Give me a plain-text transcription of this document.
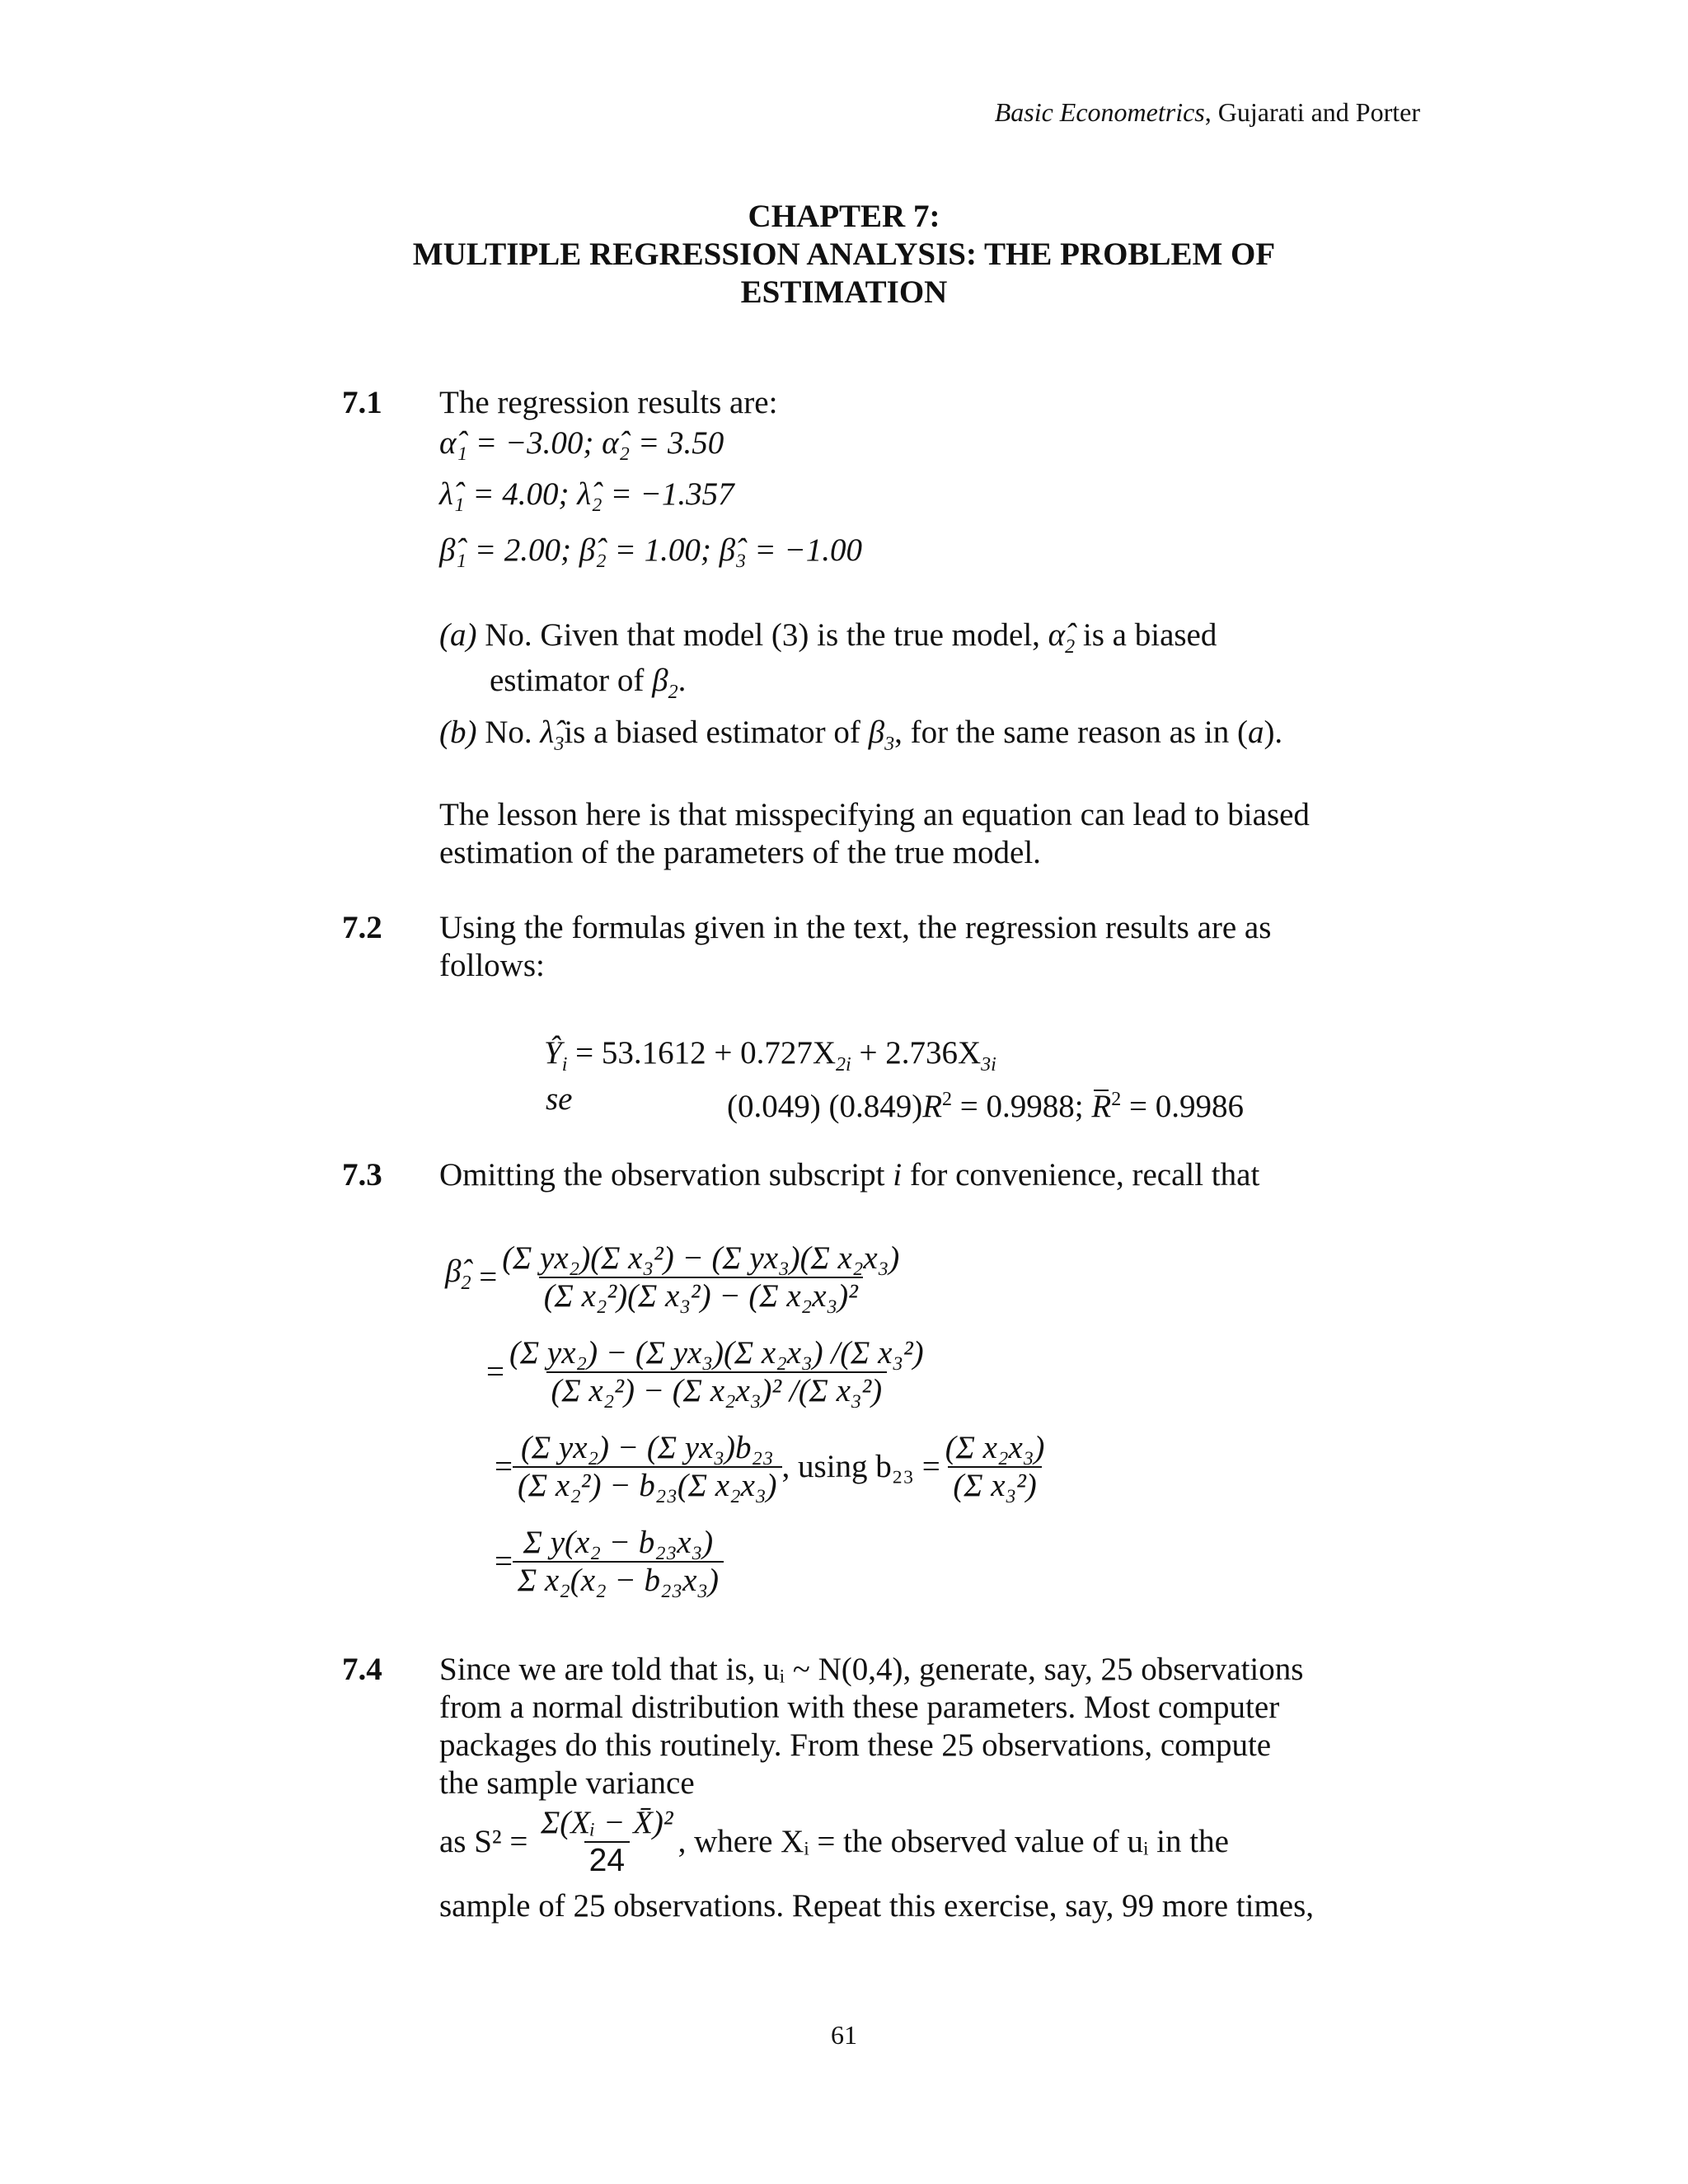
Basic Econometrics, Gujarati and Porter
CHAPTER 7:
MULTIPLE REGRESSION ANALYSIS: THE PROBLEM OF
ESTIMATION
7.1 The regression results are:
α̂₁ = −3.00; α̂₂ = 3.50
λ̂₁ = 4.00; λ̂₂ = −1.357
β̂₁ = 2.00; β̂₂ = 1.00; β̂₃ = −1.00
(a) No. Given that model (3) is the true model, $\alphâ_2$ is a biased
estimator of $\beta_2$.
(b) No. $\lambdâ_3is$ a biased estimator of $\beta_3$, for the same reason as in (a).
The lesson here is that misspecifying an equation can lead to biased
estimation of the parameters of the true model.
7.2 Using the formulas given in the text, the regression results are as
follows:
$Ŷ_i = 53.1612 + 0.727X_{2i} + 2.736X_{3i}$
se	(0.049) $(0.849)R^2 = 0.9988$; $R^2 = 0.9986$
7.3 Omitting the observation subscript i for convenience, recall that
$\betâ_2 = \frac{\text{(Σ yx₂)(Σ x₃²) − (Σ yx₃)(Σ x₂x₃)}}{\text{(Σ x₂²)(Σ x₃²) − (Σ x₂x₃)²}}$
= $\frac{\text{(Σ yx₂) − (Σ yx₃)(Σ x₂x₃) /(Σ x₃²)}}{\text{(Σ x₂²) − (Σ x₂x₃)² /(Σ x₃²)}}$
= $\frac{\text{(Σ yx₂) − (Σ yx₃)b₂₃}}{\text{(Σ x₂²) − b₂₃(Σ x₂x₃)}}$ , using $b_{23} = \frac{\text{(Σ x₂x₃)}}{\text{(Σ x₃²)}}$
= $\frac{\text{Σ y(x₂ − b₂₃x₃)}}{\text{Σ x₂(x₂ − b₂₃x₃)}}$
7.4 Since we are told that is, uᵢ ~ N(0,4), generate, say, 25 observations
from a normal distribution with these parameters. Most computer
packages do this routinely. From these 25 observations, compute
the sample variance
as S² =
$\frac{\text{Σ(Xᵢ − X̄)²}}{24}$ , where Xᵢ = the observed value of uᵢ in the
sample of 25 observations. Repeat this exercise, say, 99 more times,
61
